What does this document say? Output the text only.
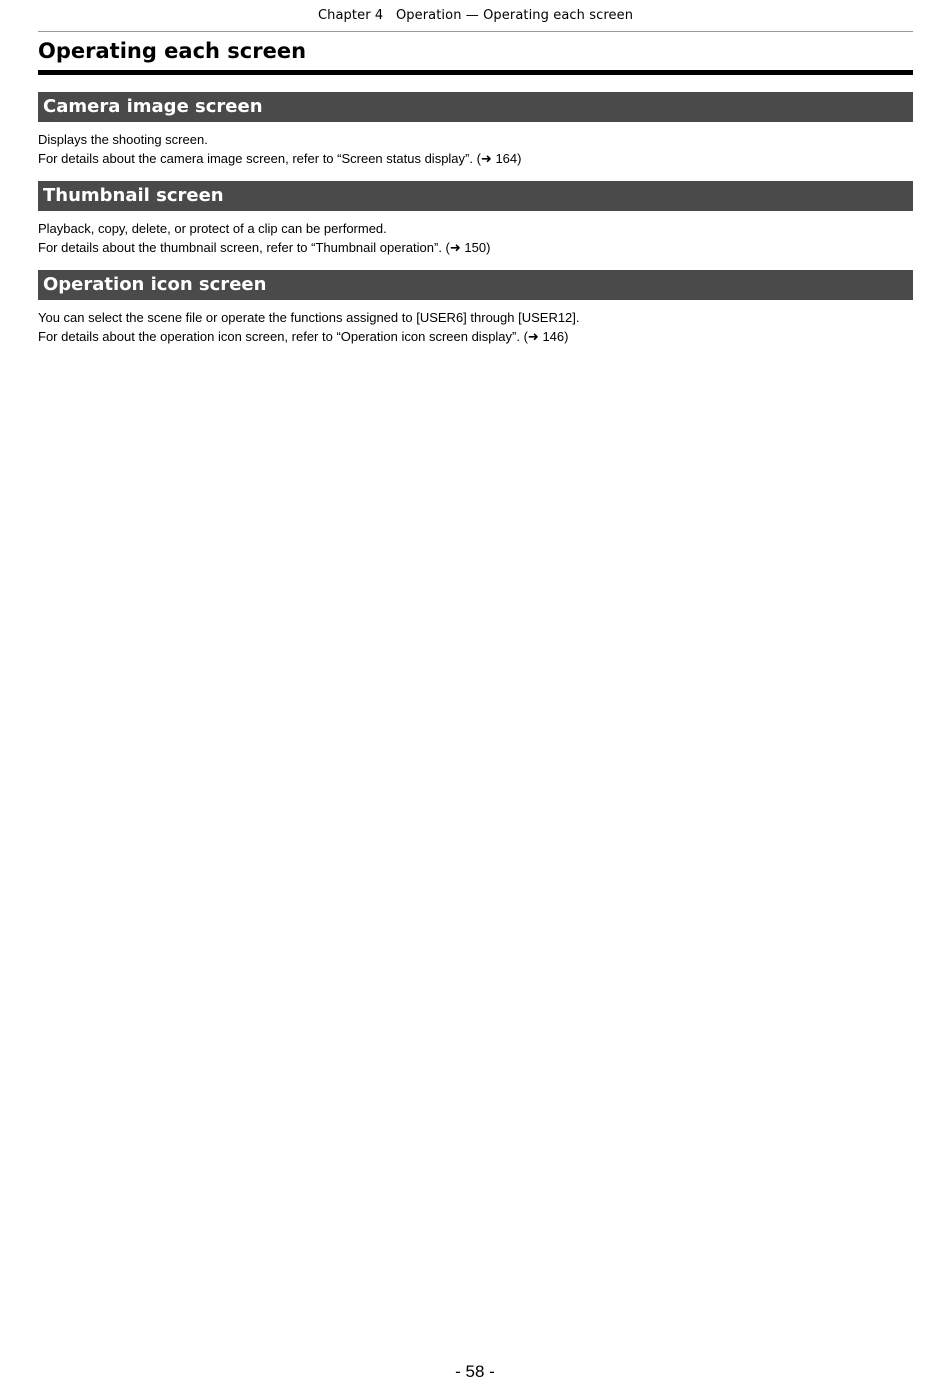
Chapter 4   Operation — Operating each screen
Operating each screen
Camera image screen

Displays the shooting screen.

For details about the camera image screen, refer to “Screen status display”. (➜ 164)

Thumbnail screen

Playback, copy, delete, or protect of a clip can be performed.

For details about the thumbnail screen, refer to “Thumbnail operation”. (➜ 150)

Operation icon screen

You can select the scene file or operate the functions assigned to [USER6] through [USER12].

For details about the operation icon screen, refer to “Operation icon screen display”. (➜ 146)

- 58 -
